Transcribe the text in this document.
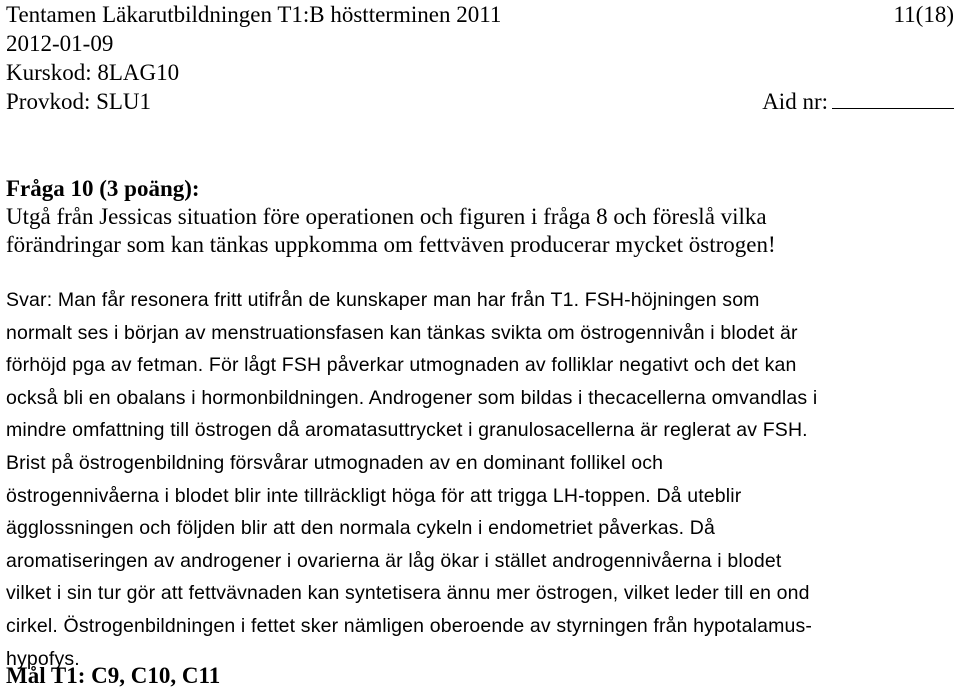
Tentamen Läkarutbildningen T1:B höstterminen 2011	11(18)
2012-01-09
Kurskod: 8LAG10
Provkod: SLU1	Aid nr:
Fråga 10 (3 poäng):
Utgå från Jessicas situation före operationen och figuren i fråga 8 och föreslå vilka
förändringar som kan tänkas uppkomma om fettväven producerar mycket östrogen!
Svar: Man får resonera fritt utifrån de kunskaper man har från T1. FSH-höjningen som
normalt ses i början av menstruationsfasen kan tänkas svikta om östrogennivån i blodet är
förhöjd pga av fetman. För lågt FSH påverkar utmognaden av folliklar negativt och det kan
också bli en obalans i hormonbildningen. Androgener som bildas i thecacellerna omvandlas i
mindre omfattning till östrogen då aromatasuttrycket i granulosacellerna är reglerat av FSH.
Brist på östrogenbildning försvårar utmognaden av en dominant follikel och
östrogennivåerna i blodet blir inte tillräckligt höga för att trigga LH-toppen. Då uteblir
ägglossningen och följden blir att den normala cykeln i endometriet påverkas. Då
aromatiseringen av androgener i ovarierna är låg ökar i stället androgennivåerna i blodet
vilket i sin tur gör att fettvävnaden kan syntetisera ännu mer östrogen, vilket leder till en ond
cirkel. Östrogenbildningen i fettet sker nämligen oberoende av styrningen från hypotalamus-
hypofys.
Mål T1: C9, C10, C11
